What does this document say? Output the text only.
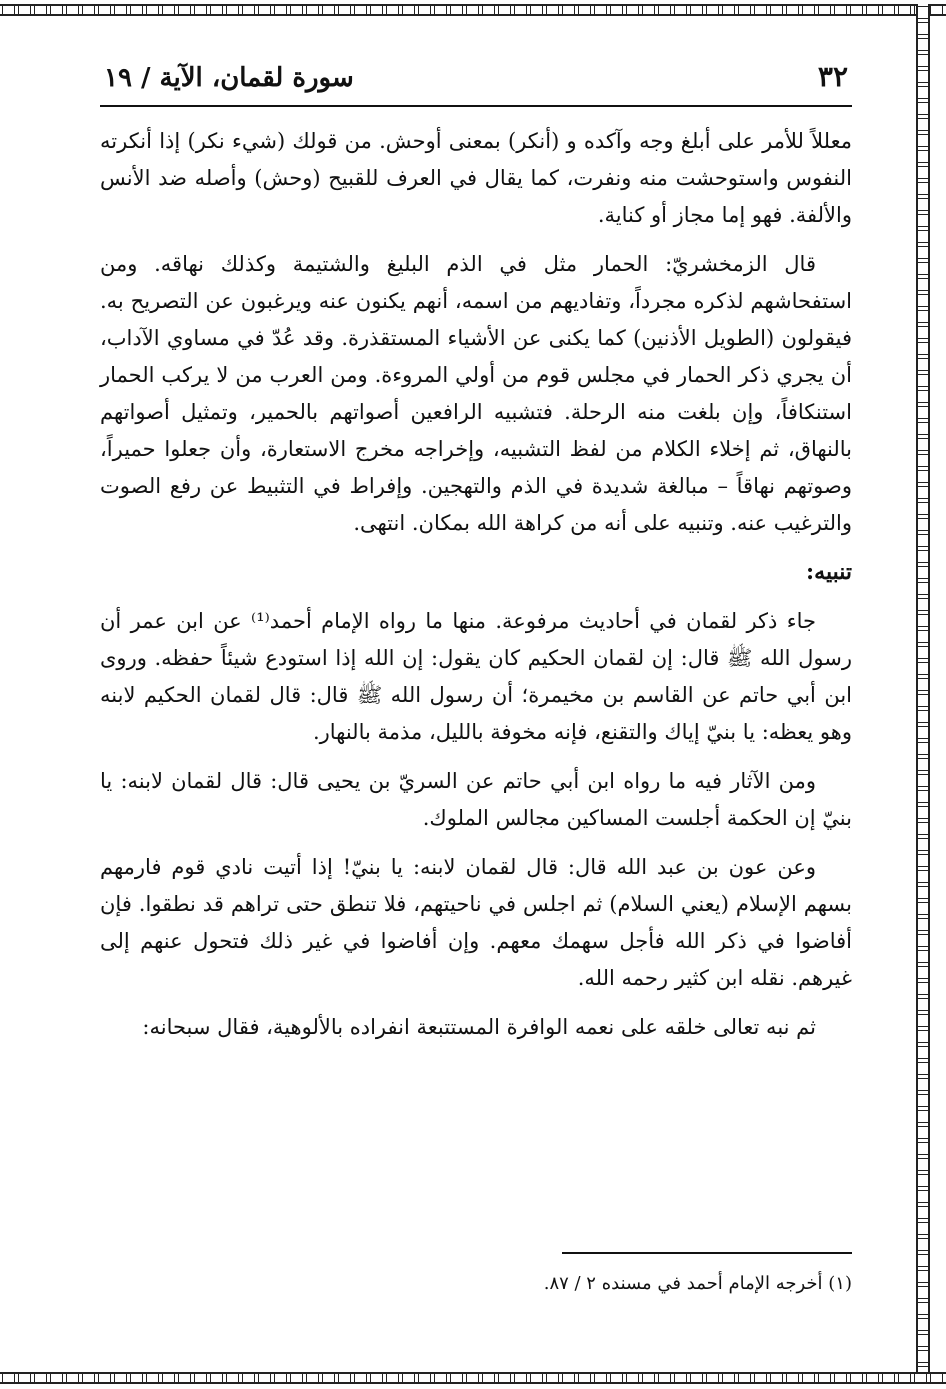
٣٢
سورة لقمان، الآية / ١٩

معللاً للأمر على أبلغ وجه وآكده و (أنكر) بمعنى أوحش. من قولك (شيء نكر) إذا أنكرته النفوس واستوحشت منه ونفرت، كما يقال في العرف للقبيح (وحش) وأصله ضد الأنس والألفة. فهو إما مجاز أو كناية.

قال الزمخشريّ: الحمار مثل في الذم البليغ والشتيمة وكذلك نهاقه. ومن استفحاشهم لذكره مجرداً، وتفاديهم من اسمه، أنهم يكنون عنه ويرغبون عن التصريح به. فيقولون (الطويل الأذنين) كما يكنى عن الأشياء المستقذرة. وقد عُدّ في مساوي الآداب، أن يجري ذكر الحمار في مجلس قوم من أولي المروءة. ومن العرب من لا يركب الحمار استنكافاً، وإن بلغت منه الرحلة. فتشبيه الرافعين أصواتهم بالحمير، وتمثيل أصواتهم بالنهاق، ثم إخلاء الكلام من لفظ التشبيه، وإخراجه مخرج الاستعارة، وأن جعلوا حميراً، وصوتهم نهاقاً – مبالغة شديدة في الذم والتهجين. وإفراط في التثبيط عن رفع الصوت والترغيب عنه. وتنبيه على أنه من كراهة الله بمكان. انتهى.

تنبيه:

جاء ذكر لقمان في أحاديث مرفوعة. منها ما رواه الإمام أحمد⁽¹⁾ عن ابن عمر أن رسول الله ﷺ قال: إن لقمان الحكيم كان يقول: إن الله إذا استودع شيئاً حفظه. وروى ابن أبي حاتم عن القاسم بن مخيمرة؛ أن رسول الله ﷺ قال: قال لقمان الحكيم لابنه وهو يعظه: يا بنيّ إياك والتقنع، فإنه مخوفة بالليل، مذمة بالنهار.

ومن الآثار فيه ما رواه ابن أبي حاتم عن السريّ بن يحيى قال: قال لقمان لابنه: يا بنيّ إن الحكمة أجلست المساكين مجالس الملوك.

وعن عون بن عبد الله قال: قال لقمان لابنه: يا بنيّ! إذا أتيت نادي قوم فارمهم بسهم الإسلام (يعني السلام) ثم اجلس في ناحيتهم، فلا تنطق حتى تراهم قد نطقوا. فإن أفاضوا في ذكر الله فأجل سهمك معهم. وإن أفاضوا في غير ذلك فتحول عنهم إلى غيرهم. نقله ابن كثير رحمه الله.

ثم نبه تعالى خلقه على نعمه الوافرة المستتبعة انفراده بالألوهية، فقال سبحانه:

(١) أخرجه الإمام أحمد في مسنده ٢ / ٨٧.
